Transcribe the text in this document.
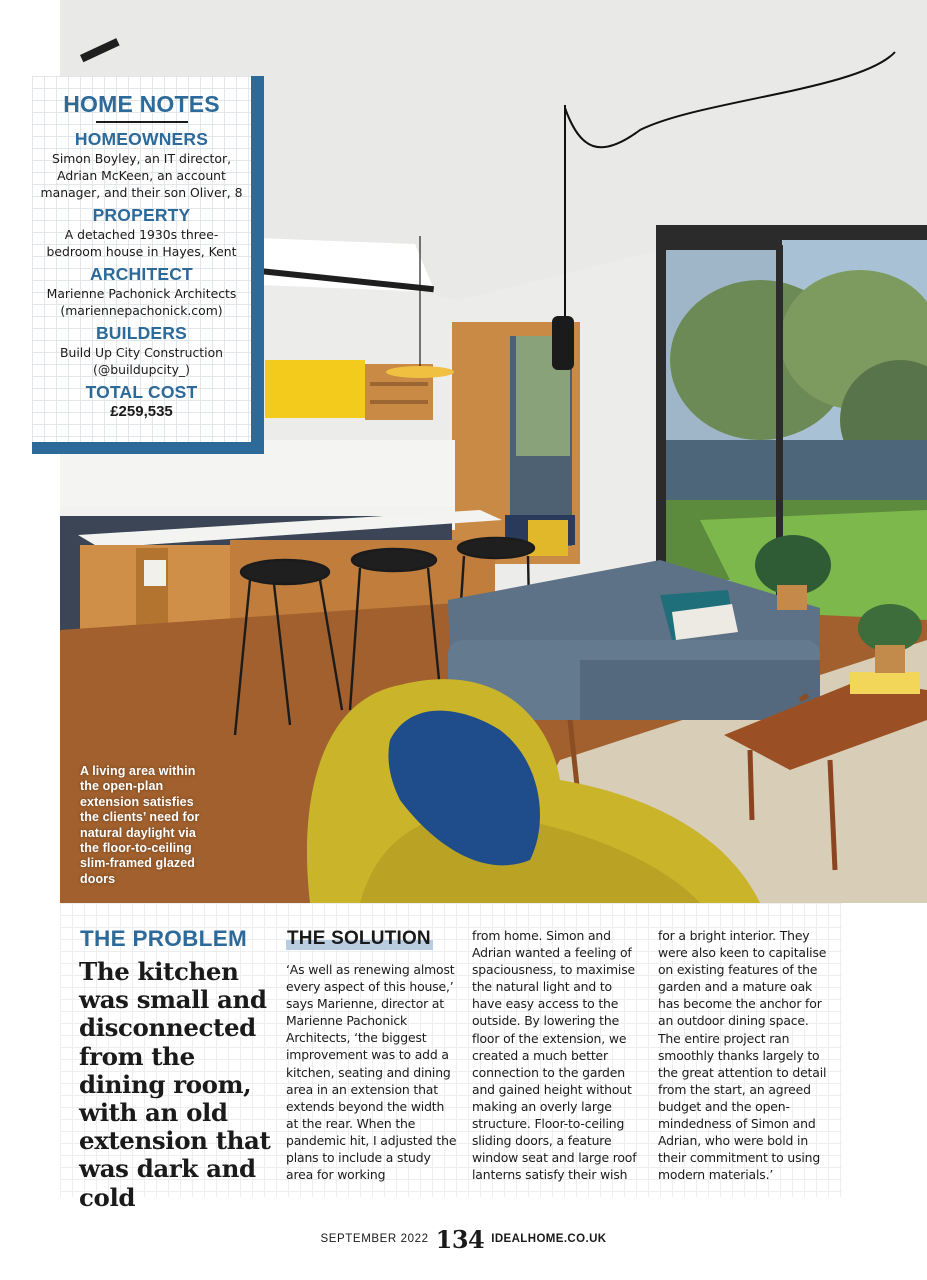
A living area within the open-plan extension satisfies the clients’ need for natural daylight via the floor-to-ceiling slim-framed glazed doors
HOME NOTES
HOMEOWNERS
Simon Boyley, an IT director,
Adrian McKeen, an account
manager, and their son Oliver, 8
PROPERTY
A detached 1930s three-
bedroom house in Hayes, Kent
ARCHITECT
Marienne Pachonick Architects
(mariennepachonick.com)
BUILDERS
Build Up City Construction
(@buildupcity_)
TOTAL COST
£259,535
THE PROBLEM
The kitchen was small and disconnected from the dining room, with an old extension that was dark and cold
THE SOLUTION
‘As well as renewing almost every aspect of this house,’ says Marienne, director at Marienne Pachonick Architects, ‘the biggest improvement was to add a kitchen, seating and dining area in an extension that extends beyond the width at the rear. When the pandemic hit, I adjusted the plans to include a study area for working
from home. Simon and Adrian wanted a feeling of spaciousness, to maximise the natural light and to have easy access to the outside. By lowering the floor of the extension, we created a much better connection to the garden and gained height without making an overly large structure. Floor-to-ceiling sliding doors, a feature window seat and large roof lanterns satisfy their wish
for a bright interior. They were also keen to capitalise on existing features of the garden and a mature oak has become the anchor for an outdoor dining space. The entire project ran smoothly thanks largely to the great attention to detail from the start, an agreed budget and the open-mindedness of Simon and Adrian, who were bold in their commitment to using modern materials.’
SEPTEMBER 2022 134 IDEALHOME.CO.UK
